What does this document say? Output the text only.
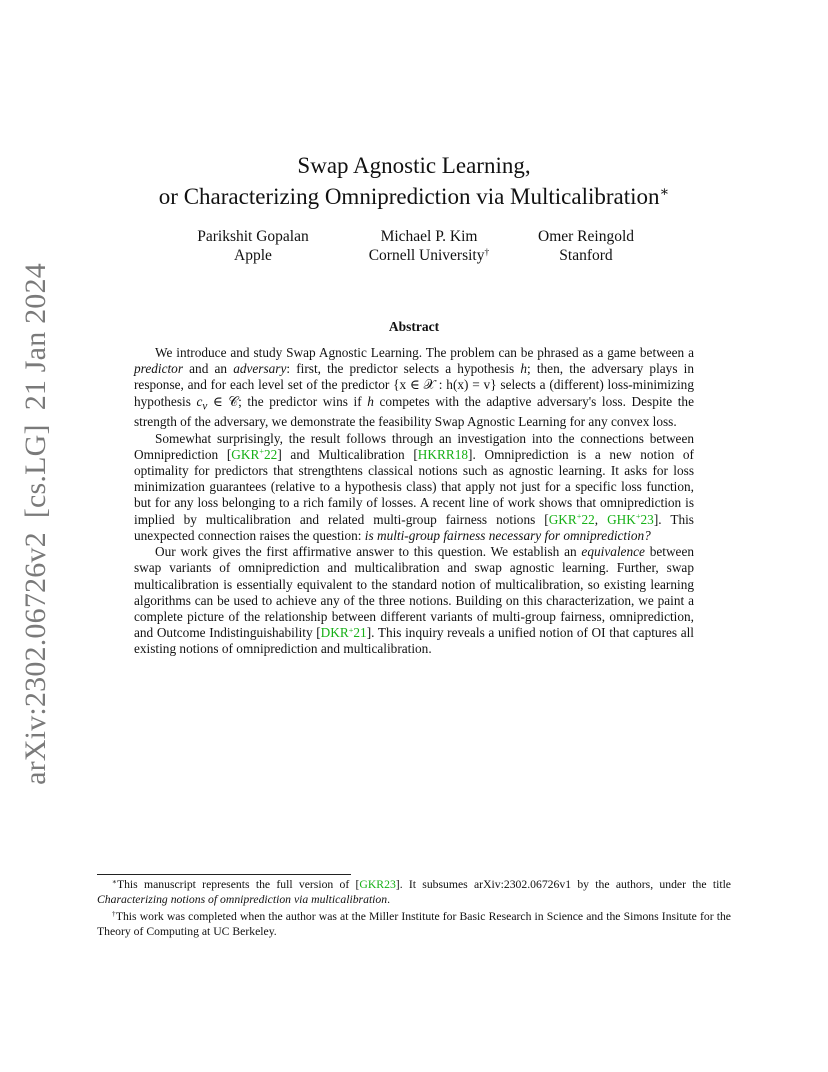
arXiv:2302.06726v2[cs.LG]21 Jan 2024
Swap Agnostic Learning,
or Characterizing Omniprediction via Multicalibration∗
Parikshit Gopalan
Apple
Michael P. Kim
Cornell University†
Omer Reingold
Stanford
Abstract

We introduce and study Swap Agnostic Learning. The problem can be phrased as a game between a predictor and an adversary: first, the predictor selects a hypothesis h; then, the adversary plays in response, and for each level set of the predictor {x ∈ 𝒳 : h(x) = v} selects a (different) loss-minimizing hypothesis $c_v$ ∈ 𝒞; the predictor wins if h competes with the adaptive adversary's loss. Despite the strength of the adversary, we demonstrate the feasibility Swap Agnostic Learning for any convex loss.

Somewhat surprisingly, the result follows through an investigation into the connections between Omniprediction [GKR+22] and Multicalibration [HKRR18]. Omniprediction is a new notion of optimality for predictors that strengthtens classical notions such as agnostic learning. It asks for loss minimization guarantees (relative to a hypothesis class) that apply not just for a specific loss function, but for any loss belonging to a rich family of losses. A recent line of work shows that omniprediction is implied by multicalibration and related multi-group fairness notions [GKR+22, GHK+23]. This unexpected connection raises the question: is multi-group fairness necessary for omniprediction?

Our work gives the first affirmative answer to this question. We establish an equivalence between swap variants of omniprediction and multicalibration and swap agnostic learning. Further, swap multicalibration is essentially equivalent to the standard notion of multicalibration, so existing learning algorithms can be used to achieve any of the three notions. Building on this characterization, we paint a complete picture of the relationship between different variants of multi-group fairness, omniprediction, and Outcome Indistinguishability [DKR+21]. This inquiry reveals a unified notion of OI that captures all existing notions of omniprediction and multicalibration.

∗This manuscript represents the full version of [GKR23]. It subsumes arXiv:2302.06726v1 by the authors, under the title Characterizing notions of omniprediction via multicalibration.

†This work was completed when the author was at the Miller Institute for Basic Research in Science and the Simons Insitute for the Theory of Computing at UC Berkeley.
